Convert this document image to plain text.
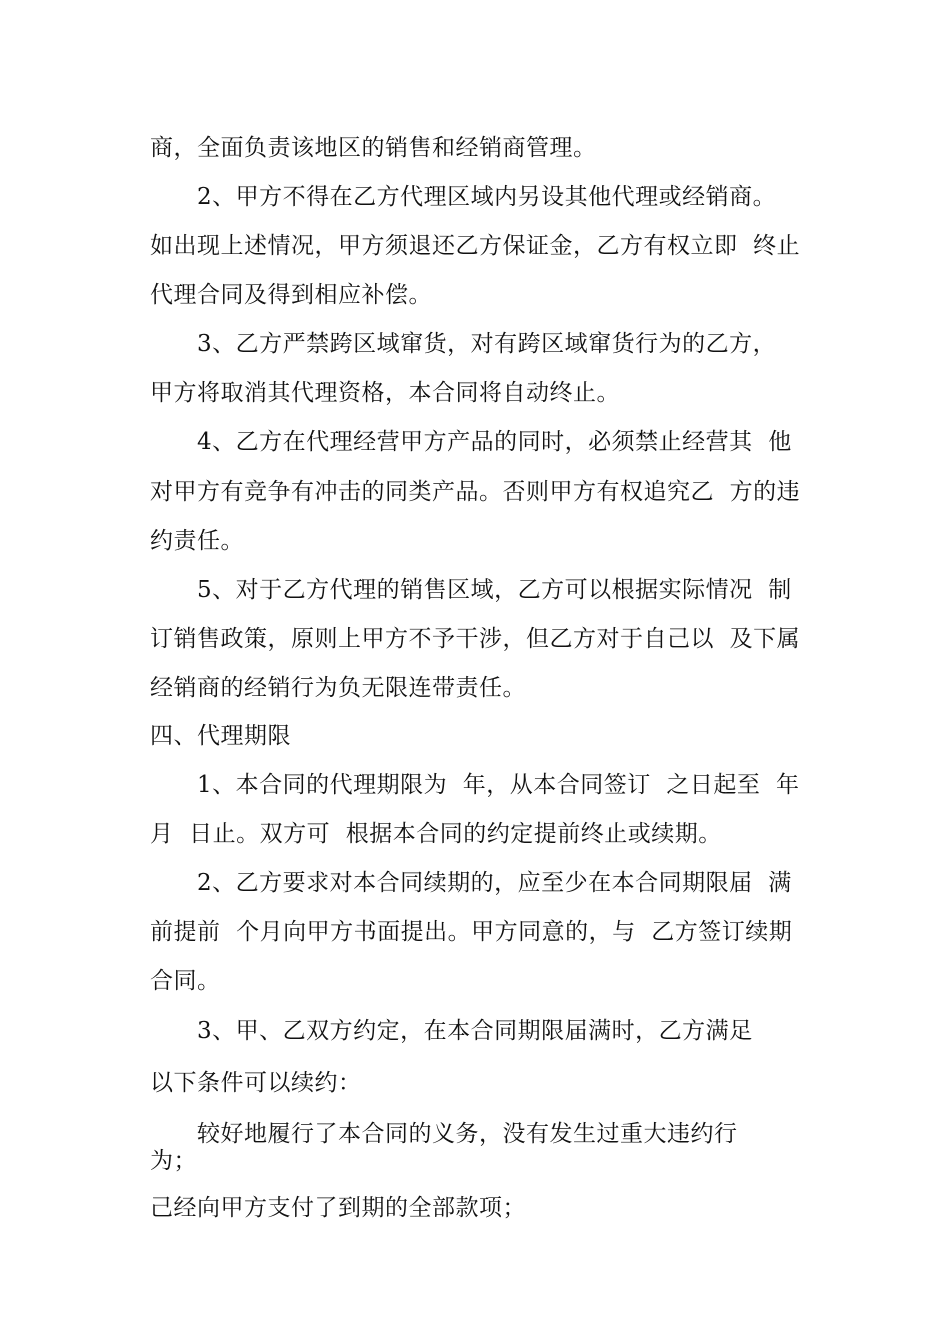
商，全面负责该地区的销售和经销商管理。
2、甲方不得在乙方代理区域内另设其他代理或经销商。
如出现上述情况，甲方须退还乙方保证金，乙方有权立即  终止
代理合同及得到相应补偿。
3、乙方严禁跨区域窜货，对有跨区域窜货行为的乙方，
甲方将取消其代理资格，本合同将自动终止。
4、乙方在代理经营甲方产品的同时，必须禁止经营其  他
对甲方有竞争有冲击的同类产品。否则甲方有权追究乙  方的违
约责任。
5、对于乙方代理的销售区域，乙方可以根据实际情况  制
订销售政策，原则上甲方不予干涉，但乙方对于自己以  及下属
经销商的经销行为负无限连带责任。
四、代理期限
1、本合同的代理期限为  年，从本合同签订  之日起至  年
月  日止。双方可  根据本合同的约定提前终止或续期。
2、乙方要求对本合同续期的，应至少在本合同期限届  满
前提前  个月向甲方书面提出。甲方同意的，与  乙方签订续期
合同。
3、甲、乙双方约定，在本合同期限届满时，乙方满足
以下条件可以续约：
较好地履行了本合同的义务，没有发生过重大违约行
为；
己经向甲方支付了到期的全部款项；
